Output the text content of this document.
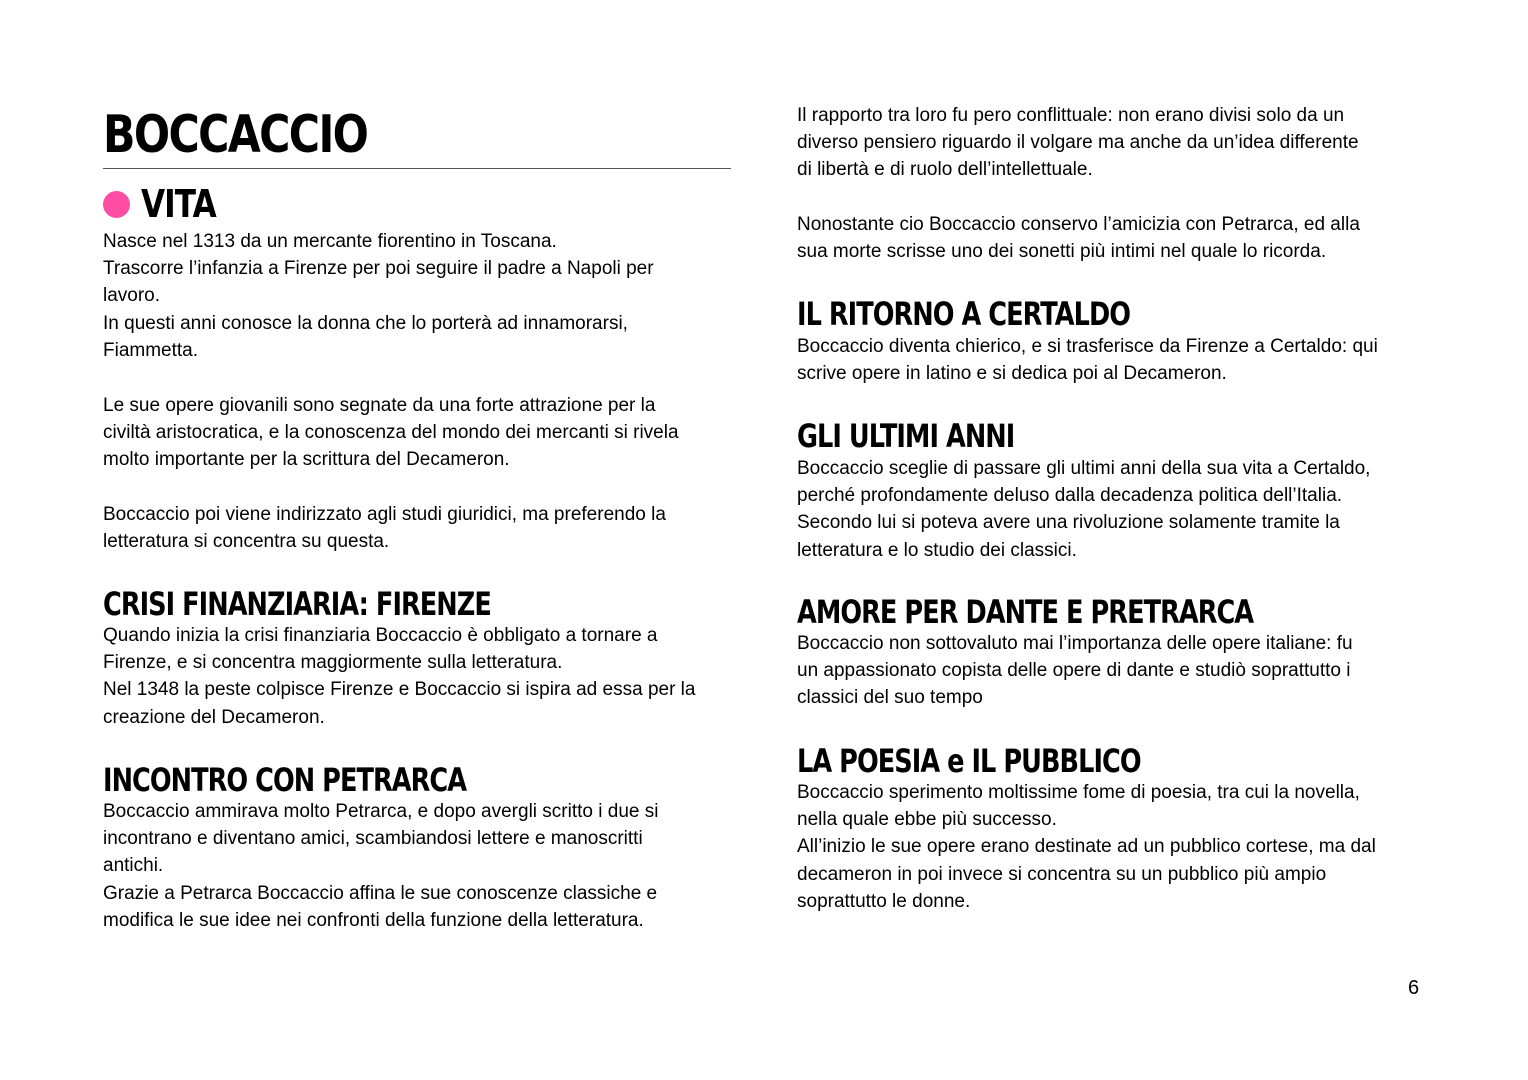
BOCCACCIO
VITA

Nasce nel 1313 da un mercante fiorentino in Toscana.
Trascorre l’infanzia a Firenze per poi seguire il padre a Napoli per
lavoro.
In questi anni conosce la donna che lo porterà ad innamorarsi,
Fiammetta.

Le sue opere giovanili sono segnate da una forte attrazione per la
civiltà aristocratica, e la conoscenza del mondo dei mercanti si rivela
molto importante per la scrittura del Decameron.

Boccaccio poi viene indirizzato agli studi giuridici, ma preferendo la
letteratura si concentra su questa.

CRISI FINANZIARIA: FIRENZE

Quando inizia la crisi finanziaria Boccaccio è obbligato a tornare a
Firenze, e si concentra maggiormente sulla letteratura.
Nel 1348 la peste colpisce Firenze e Boccaccio si ispira ad essa per la
creazione del Decameron.

INCONTRO CON PETRARCA

Boccaccio ammirava molto Petrarca, e dopo avergli scritto i due si
incontrano e diventano amici, scambiandosi lettere e manoscritti
antichi.
Grazie a Petrarca Boccaccio affina le sue conoscenze classiche e
modifica le sue idee nei confronti della funzione della letteratura.

Il rapporto tra loro fu pero conflittuale: non erano divisi solo da un
diverso pensiero riguardo il volgare ma anche da un’idea differente
di libertà e di ruolo dell’intellettuale.

Nonostante cio Boccaccio conservo l’amicizia con Petrarca, ed alla
sua morte scrisse uno dei sonetti più intimi nel quale lo ricorda.

IL RITORNO A CERTALDO

Boccaccio diventa chierico, e si trasferisce da Firenze a Certaldo: qui
scrive opere in latino e si dedica poi al Decameron.

GLI ULTIMI ANNI

Boccaccio sceglie di passare gli ultimi anni della sua vita a Certaldo,
perché profondamente deluso dalla decadenza politica dell’Italia.
Secondo lui si poteva avere una rivoluzione solamente tramite la
letteratura e lo studio dei classici.

AMORE PER DANTE E PRETRARCA

Boccaccio non sottovaluto mai l’importanza delle opere italiane: fu
un appassionato copista delle opere di dante e studiò soprattutto i
classici del suo tempo

LA POESIA e IL PUBBLICO

Boccaccio sperimento moltissime fome di poesia, tra cui la novella,
nella quale ebbe più successo.
All’inizio le sue opere erano destinate ad un pubblico cortese, ma dal
decameron in poi invece si concentra su un pubblico più ampio
soprattutto le donne.

6
